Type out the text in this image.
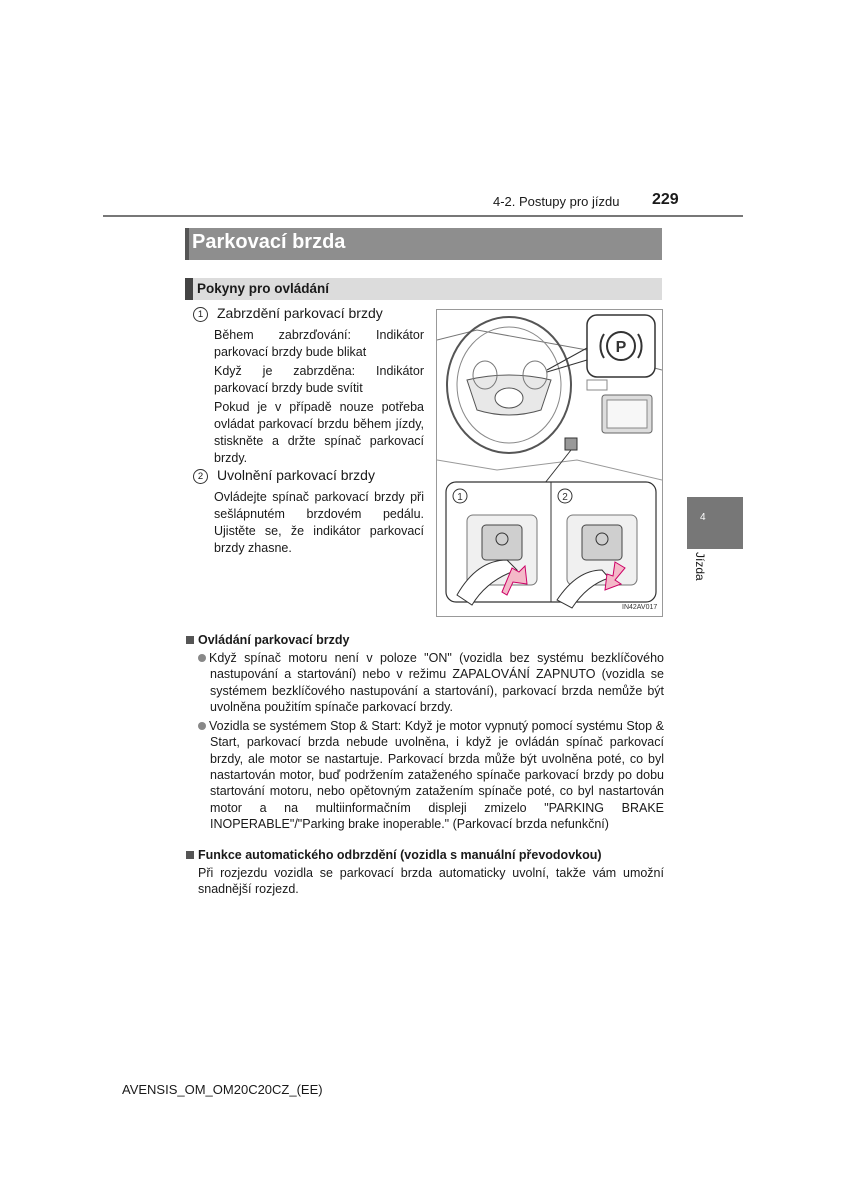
4-2. Postupy pro jízdu 229
Parkovací brzda
Pokyny pro ovládání
1 Zabrzdění parkovací brzdy
Během zabrzďování: Indikátor parkovací brzdy bude blikat
Když je zabrzděna: Indikátor parkovací brzdy bude svítit
Pokud je v případě nouze potřeba ovládat parkovací brzdu během jízdy, stiskněte a držte spínač parkovací brzdy.
2 Uvolnění parkovací brzdy
Ovládejte spínač parkovací brzdy při sešlápnutém brzdovém pedálu. Ujistěte se, že indikátor parkovací brzdy zhasne.
P
1	2
IN42AV017
4
Jízda
Ovládání parkovací brzdy
Když spínač motoru není v poloze "ON" (vozidla bez systému bezklíčového nastupování a startování) nebo v režimu ZAPALOVÁNÍ ZAPNUTO (vozidla se systémem bezklíčového nastupování a startování), parkovací brzda nemůže být uvolněna použitím spínače parkovací brzdy.
Vozidla se systémem Stop & Start: Když je motor vypnutý pomocí systému Stop & Start, parkovací brzda nebude uvolněna, i když je ovládán spínač parkovací brzdy, ale motor se nastartuje. Parkovací brzda může být uvolněna poté, co byl nastartován motor, buď podržením zataženého spínače parkovací brzdy po dobu startování motoru, nebo opětovným zatažením spínače poté, co byl nastartován motor a na multiinformačním displeji zmizelo "PARKING BRAKE INOPERABLE"/"Parking brake inoperable." (Parkovací brzda nefunkční)
Funkce automatického odbrzdění (vozidla s manuální převodovkou)
Při rozjezdu vozidla se parkovací brzda automaticky uvolní, takže vám umožní snadnější rozjezd.
AVENSIS_OM_OM20C20CZ_(EE)
